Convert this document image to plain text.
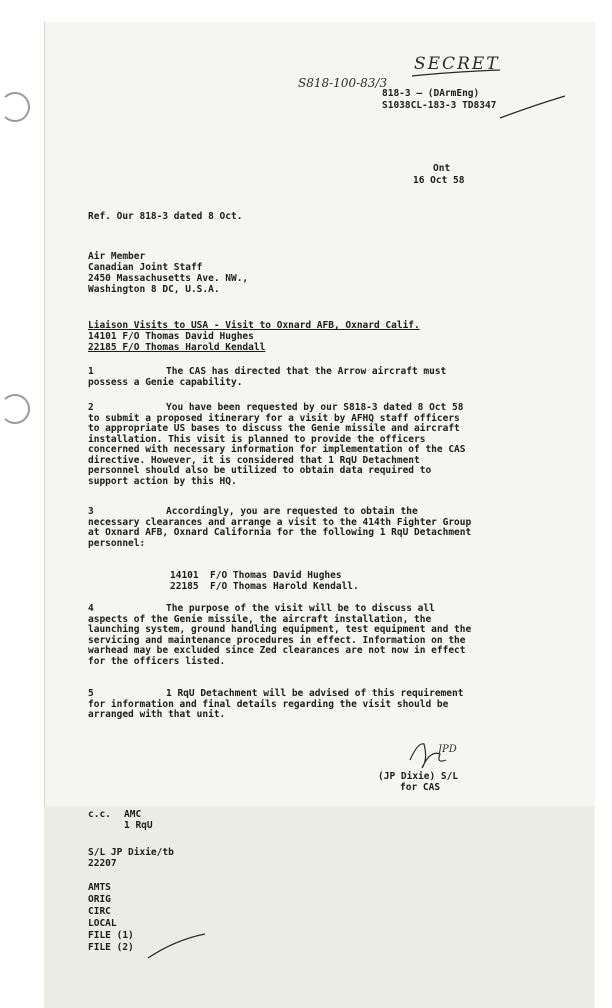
SECRET
S818-100-83/3
818-3 — (DArmEng)
S1038CL-183-3 TD8347
Ont
16 Oct 58
Ref. Our 818-3 dated 8 Oct.
Air Member
Canadian Joint Staff
2450 Massachusetts Ave. NW.,
Washington 8 DC, U.S.A.
Liaison Visits to USA - Visit to Oxnard AFB, Oxnard Calif.
14101 F/O Thomas David Hughes
22185 F/O Thomas Harold Kendall
1	The CAS has directed that the Arrow aircraft must possess a Genie capability.
2	You have been requested by our S818-3 dated 8 Oct 58 to submit a proposed itinerary for a visit by AFHQ staff officers to appropriate US bases to discuss the Genie missile and aircraft installation. This visit is planned to provide the officers concerned with necessary information for implementation of the CAS directive. However, it is considered that 1 RqU Detachment personnel should also be utilized to obtain data required to support action by this HQ.
3	Accordingly, you are requested to obtain the necessary clearances and arrange a visit to the 414th Fighter Group at Oxnard AFB, Oxnard California for the following 1 RqU Detachment personnel:
14101  F/O Thomas David Hughes
22185  F/O Thomas Harold Kendall.
4	The purpose of the visit will be to discuss all aspects of the Genie missile, the aircraft installation, the launching system, ground handling equipment, test equipment and the servicing and maintenance procedures in effect. Information on the warhead may be excluded since Zed clearances are not now in effect for the officers listed.
5	1 RqU Detachment will be advised of this requirement for information and final details regarding the visit should be arranged with that unit.
JPD
(JP Dixie) S/L
for CAS
c.c. AMC
1 RqU
S/L JP Dixie/tb
22207
AMTS
ORIG
CIRC
LOCAL
FILE (1)
FILE (2)
